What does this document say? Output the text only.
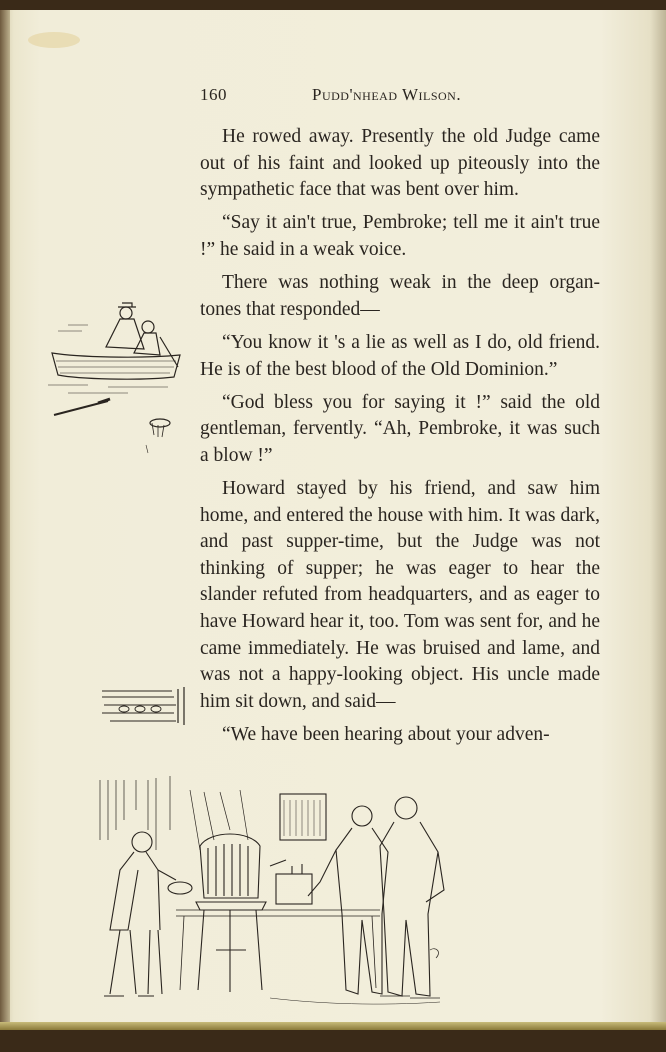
160	Pudd'nhead Wilson.

He rowed away. Presently the old Judge came out of his faint and looked up piteously into the sympathetic face that was bent over him.

“Say it ain't true, Pembroke; tell me it ain't true !” he said in a weak voice.

There was nothing weak in the deep organ-tones that responded—

“You know it 's a lie as well as I do, old friend. He is of the best blood of the Old Dominion.”

“God bless you for saying it !” said the old gentleman, fervently. “Ah, Pembroke, it was such a blow !”

Howard stayed by his friend, and saw him home, and entered the house with him. It was dark, and past supper-time, but the Judge was not thinking of supper; he was eager to hear the slander refuted from headquarters, and as eager to have Howard hear it, too. Tom was sent for, and he came immediately. He was bruised and lame, and was not a happy-looking object. His uncle made him sit down, and said—

“We have been hearing about your adven-
